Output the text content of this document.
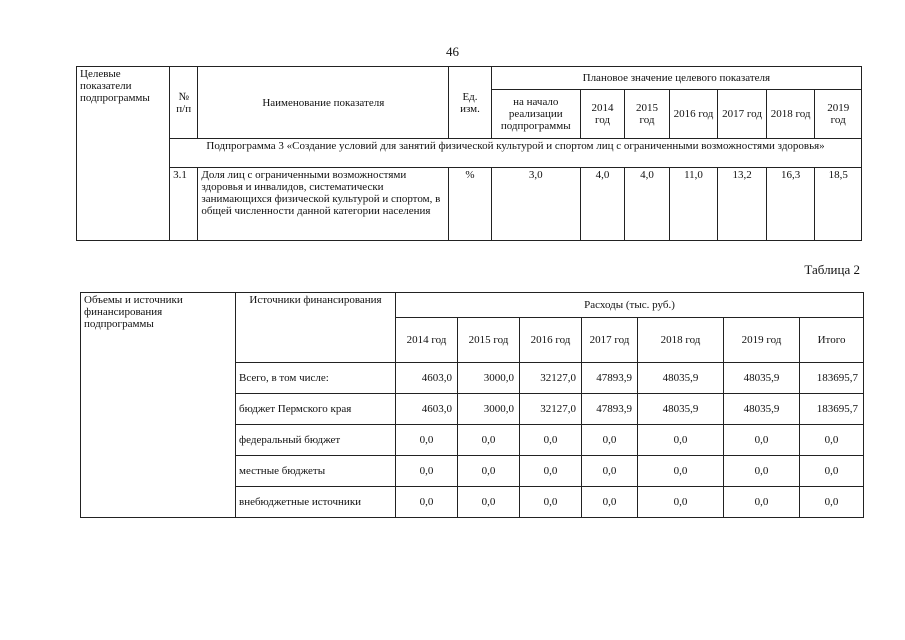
46
Целевые показатели подпрограммы	№ п/п	Наименование показателя	Ед. изм.	Плановое значение целевого показателя						
				на начало реализации подпрограммы	2014 год	2015 год	2016 год	2017 год	2018 год	2019 год
	Подпрограмма 3 «Создание условий для занятий физической культурой и спортом лиц с ограниченными возможностями здоровья»									
	3.1	Доля лиц с ограниченными возможностями здоровья и инвалидов, систематически занимающихся физической культурой и спортом, в общей численности данной категории населения	%	3,0	4,0	4,0	11,0	13,2	16,3	18,5
Таблица 2
Объемы и источники финансирования подпрограммы	Источники финансирования	Расходы (тыс. руб.)						
		2014 год	2015 год	2016 год	2017 год	2018 год	2019 год	Итого
	Всего, в том числе:	4603,0	3000,0	32127,0	47893,9	48035,9	48035,9	183695,7
	бюджет Пермского края	4603,0	3000,0	32127,0	47893,9	48035,9	48035,9	183695,7
	федеральный бюджет	0,0	0,0	0,0	0,0	0,0	0,0	0,0
	местные бюджеты	0,0	0,0	0,0	0,0	0,0	0,0	0,0
	внебюджетные источники	0,0	0,0	0,0	0,0	0,0	0,0	0,0
